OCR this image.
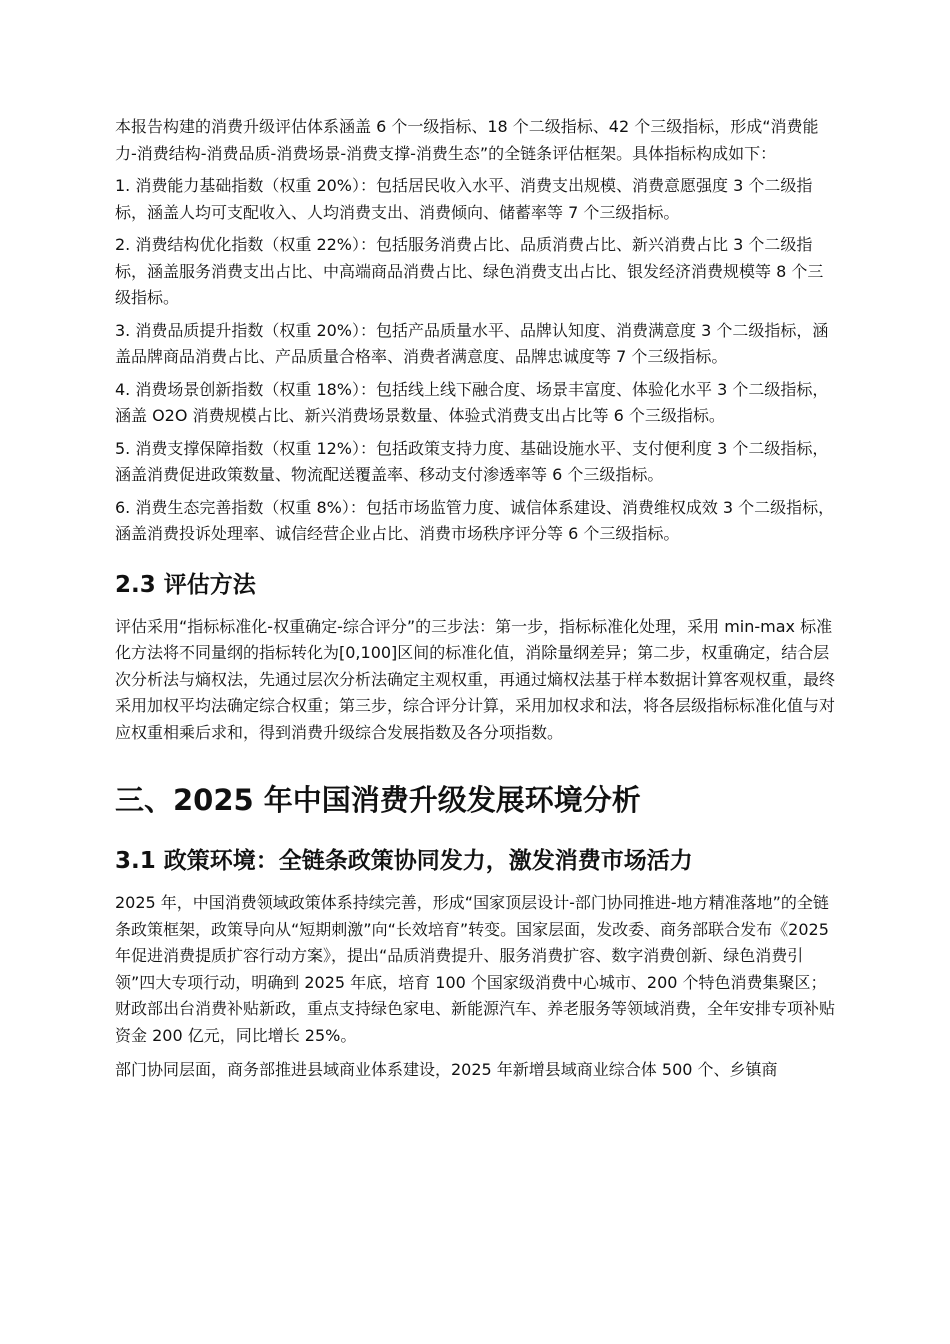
本报告构建的消费升级评估体系涵盖 6 个一级指标、18 个二级指标、42 个三级指标，形成“消费能力-消费结构-消费品质-消费场景-消费支撑-消费生态”的全链条评估框架。具体指标构成如下：

1. 消费能力基础指数（权重 20%）：包括居民收入水平、消费支出规模、消费意愿强度 3 个二级指标，涵盖人均可支配收入、人均消费支出、消费倾向、储蓄率等 7 个三级指标。

2. 消费结构优化指数（权重 22%）：包括服务消费占比、品质消费占比、新兴消费占比 3 个二级指标，涵盖服务消费支出占比、中高端商品消费占比、绿色消费支出占比、银发经济消费规模等 8 个三级指标。

3. 消费品质提升指数（权重 20%）：包括产品质量水平、品牌认知度、消费满意度 3 个二级指标，涵盖品牌商品消费占比、产品质量合格率、消费者满意度、品牌忠诚度等 7 个三级指标。

4. 消费场景创新指数（权重 18%）：包括线上线下融合度、场景丰富度、体验化水平 3 个二级指标，涵盖 O2O 消费规模占比、新兴消费场景数量、体验式消费支出占比等 6 个三级指标。

5. 消费支撑保障指数（权重 12%）：包括政策支持力度、基础设施水平、支付便利度 3 个二级指标，涵盖消费促进政策数量、物流配送覆盖率、移动支付渗透率等 6 个三级指标。

6. 消费生态完善指数（权重 8%）：包括市场监管力度、诚信体系建设、消费维权成效 3 个二级指标，涵盖消费投诉处理率、诚信经营企业占比、消费市场秩序评分等 6 个三级指标。

2.3 评估方法

评估采用“指标标准化-权重确定-综合评分”的三步法：第一步，指标标准化处理，采用 min-max 标准化方法将不同量纲的指标转化为[0,100]区间的标准化值，消除量纲差异；第二步，权重确定，结合层次分析法与熵权法，先通过层次分析法确定主观权重，再通过熵权法基于样本数据计算客观权重，最终采用加权平均法确定综合权重；第三步，综合评分计算，采用加权求和法，将各层级指标标准化值与对应权重相乘后求和，得到消费升级综合发展指数及各分项指数。

三、2025 年中国消费升级发展环境分析
3.1 政策环境：全链条政策协同发力，激发消费市场活力

2025 年，中国消费领域政策体系持续完善，形成“国家顶层设计-部门协同推进-地方精准落地”的全链条政策框架，政策导向从“短期刺激”向“长效培育”转变。国家层面，发改委、商务部联合发布《2025 年促进消费提质扩容行动方案》，提出“品质消费提升、服务消费扩容、数字消费创新、绿色消费引领”四大专项行动，明确到 2025 年底，培育 100 个国家级消费中心城市、200 个特色消费集聚区；财政部出台消费补贴新政，重点支持绿色家电、新能源汽车、养老服务等领域消费，全年安排专项补贴资金 200 亿元，同比增长 25%。

部门协同层面，商务部推进县域商业体系建设，2025 年新增县域商业综合体 500 个、乡镇商
